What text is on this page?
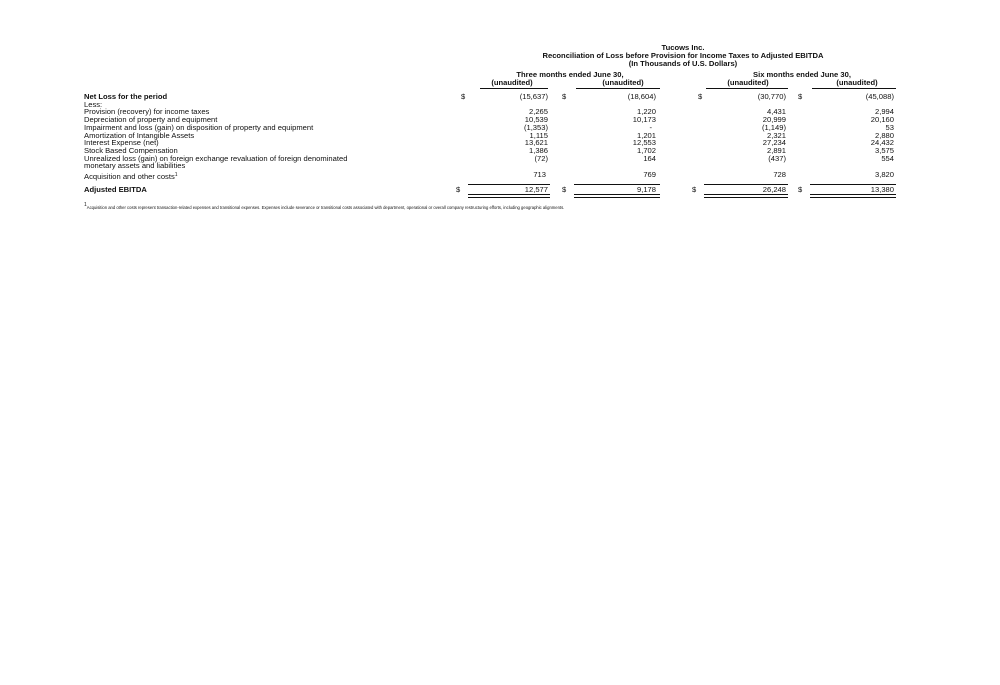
Tucows Inc.
Reconciliation of Loss before Provision for Income Taxes to Adjusted EBITDA
(In Thousands of U.S. Dollars)
Three months ended June 30,	Six months ended June 30,
(unaudited)	(unaudited)	(unaudited)	(unaudited)
Net Loss for the period	$	(15,637) $	(18,604)	$	(30,770) $	(45,088)
Less:
Provision (recovery) for income taxes	2,265	1,220	4,431	2,994
Depreciation of property and equipment	10,539	10,173	20,999	20,160
Impairment and loss (gain) on disposition of property and equipment	(1,353)	-	(1,149)	53
Amortization of Intangible Assets	1,115	1,201	2,321	2,880
Interest Expense (net)	13,621	12,553	27,234	24,432
Stock Based Compensation	1,386	1,702	2,891	3,575
Unrealized loss (gain) on foreign exchange revaluation of foreign denominated
monetary assets and liabilities
(72)	164	(437)	554
Acquisition and other costs$^1$	713	769	728	3,820
Adjusted EBITDA	$	12,577 $	9,178	$	26,248 $	13,380
$^1$Acquisition and other costs represent transaction-related expenses and transitional expenses. Expenses include severance or transitional costs associated with department, operational or overall company restructuring efforts, including geographic alignments.
